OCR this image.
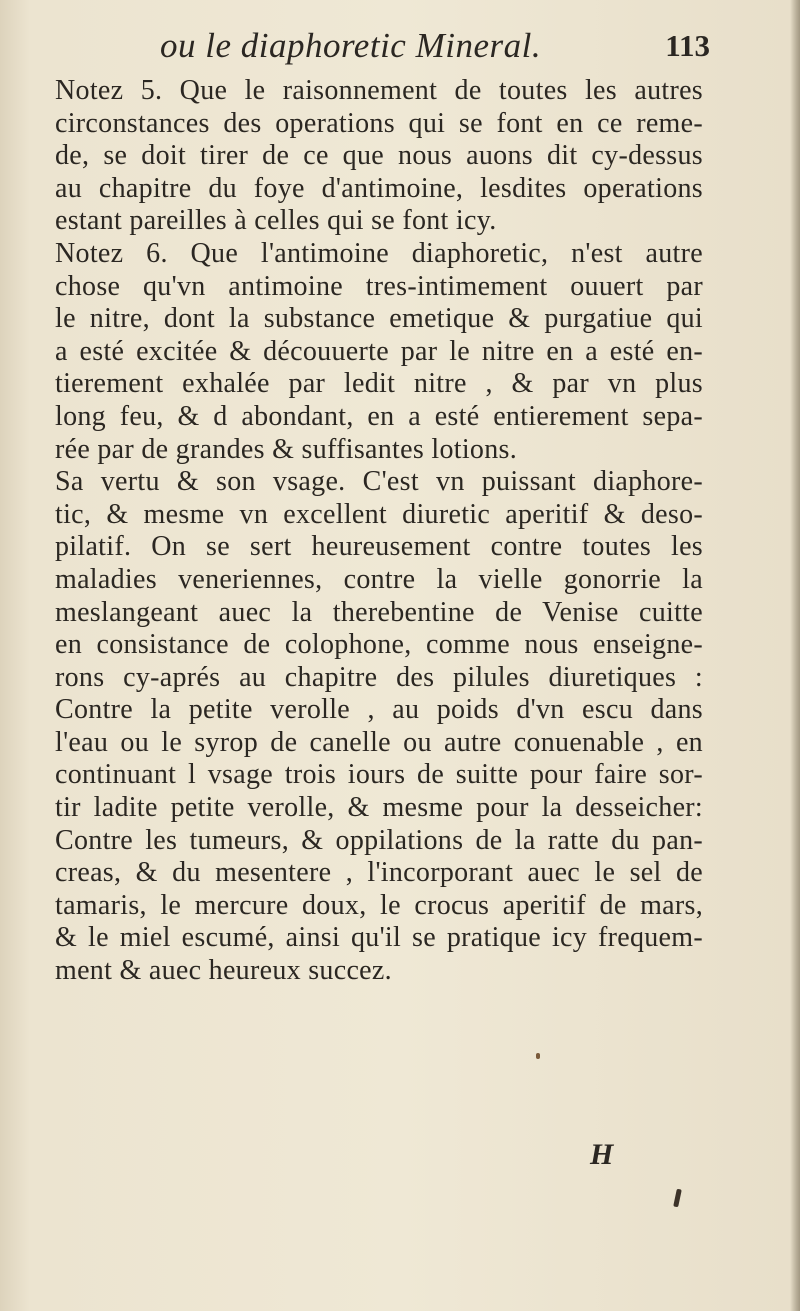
ou le diaphoretic Mineral.	113
Notez 5. Que le raisonnement de toutes les autres
circonstances des operations qui se font en ce reme-
de, se doit tirer de ce que nous auons dit cy-dessus
au chapitre du foye d'antimoine, lesdites operations
estant pareilles à celles qui se font icy.
Notez 6. Que l'antimoine diaphoretic, n'est autre
chose qu'vn antimoine tres-intimement ouuert par
le nitre, dont la substance emetique & purgatiue qui
a esté excitée & découuerte par le nitre en a esté en-
tierement exhalée par ledit nitre , & par vn plus
long feu, & d abondant, en a esté entierement sepa-
rée par de grandes & suffisantes lotions.
Sa vertu & son vsage. C'est vn puissant diaphore-
tic, & mesme vn excellent diuretic aperitif & deso-
pilatif. On se sert heureusement contre toutes les
maladies veneriennes, contre la vielle gonorrie la
meslangeant auec la therebentine de Venise cuitte
en consistance de colophone, comme nous enseigne-
rons cy-aprés au chapitre des pilules diuretiques :
Contre la petite verolle , au poids d'vn escu dans
l'eau ou le syrop de canelle ou autre conuenable , en
continuant l vsage trois iours de suitte pour faire sor-
tir ladite petite verolle, & mesme pour la desseicher:
Contre les tumeurs, & oppilations de la ratte du pan-
creas, & du mesentere , l'incorporant auec le sel de
tamaris, le mercure doux, le crocus aperitif de mars,
& le miel escumé, ainsi qu'il se pratique icy frequem-
ment & auec heureux succez.
H
